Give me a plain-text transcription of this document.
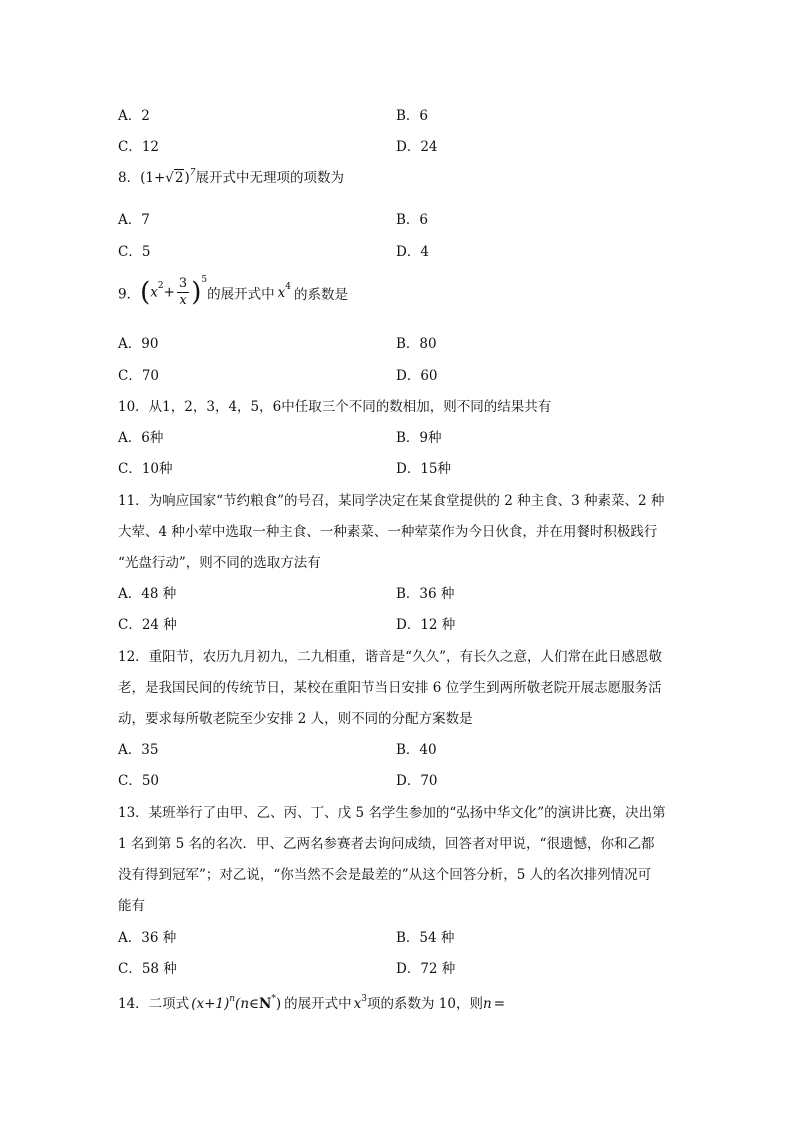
A．2	B．6
C．12	D．24
8．$(1+√2)^7$展开式中无理项的项数为
A．7	B．6
C．5	D．4
9．$(x^2+ \frac{3}{x} )^5$的展开式中 $x^4$ 的系数是
A．90	B．80
C．70	D．60
10．从1，2，3，4，5，6中任取三个不同的数相加，则不同的结果共有
A．6种	B．9种
C．10种	D．15种
11．为响应国家“节约粮食”的号召，某同学决定在某食堂提供的 2 种主食、3 种素菜、2 种
大荤、4 种小荤中选取一种主食、一种素菜、一种荤菜作为今日伙食，并在用餐时积极践行
“光盘行动”，则不同的选取方法有
A．48 种	B．36 种
C．24 种	D．12 种
12．重阳节，农历九月初九，二九相重，谐音是“久久”，有长久之意，人们常在此日感恩敬
老，是我国民间的传统节日，某校在重阳节当日安排 6 位学生到两所敬老院开展志愿服务活
动，要求每所敬老院至少安排 2 人，则不同的分配方案数是
A．35	B．40
C．50	D．70
13．某班举行了由甲、乙、丙、丁、戊 5 名学生参加的“弘扬中华文化”的演讲比赛，决出第
1 名到第 5 名的名次．甲、乙两名参赛者去询问成绩，回答者对甲说，“很遗憾，你和乙都
没有得到冠军”；对乙说，“你当然不会是最差的”从这个回答分析，5 人的名次排列情况可
能有
A．36 种	B．54 种
C．58 种	D．72 种
14．二项式 $(x+1)^n(n\in N^*)$ 的展开式中 $x^3$项的系数为 10，则n =
